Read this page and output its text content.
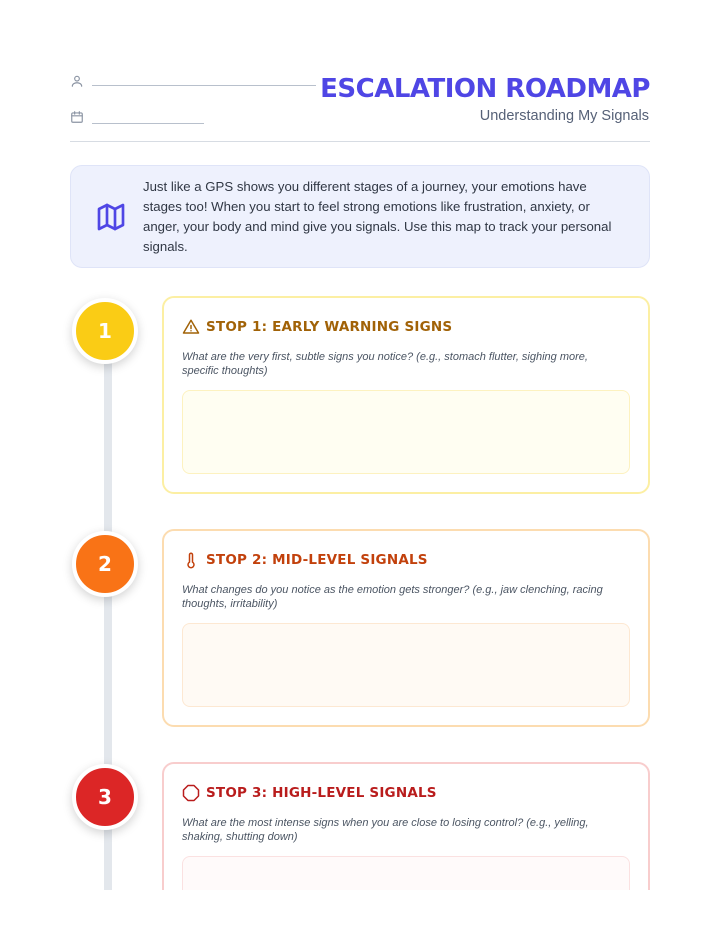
ESCALATION ROADMAP
Understanding My Signals

Just like a GPS shows you different stages of a journey, your emotions have stages too! When you start to feel strong emotions like frustration, anxiety, or anger, your body and mind give you signals. Use this map to track your personal signals.

1
2
3
STOP 1: EARLY WARNING SIGNS
What are the very first, subtle signs you notice? (e.g., stomach flutter, sighing more, specific thoughts)
STOP 2: MID-LEVEL SIGNALS
What changes do you notice as the emotion gets stronger? (e.g., jaw clenching, racing thoughts, irritability)
STOP 3: HIGH-LEVEL SIGNALS
What are the most intense signs when you are close to losing control? (e.g., yelling, shaking, shutting down)
